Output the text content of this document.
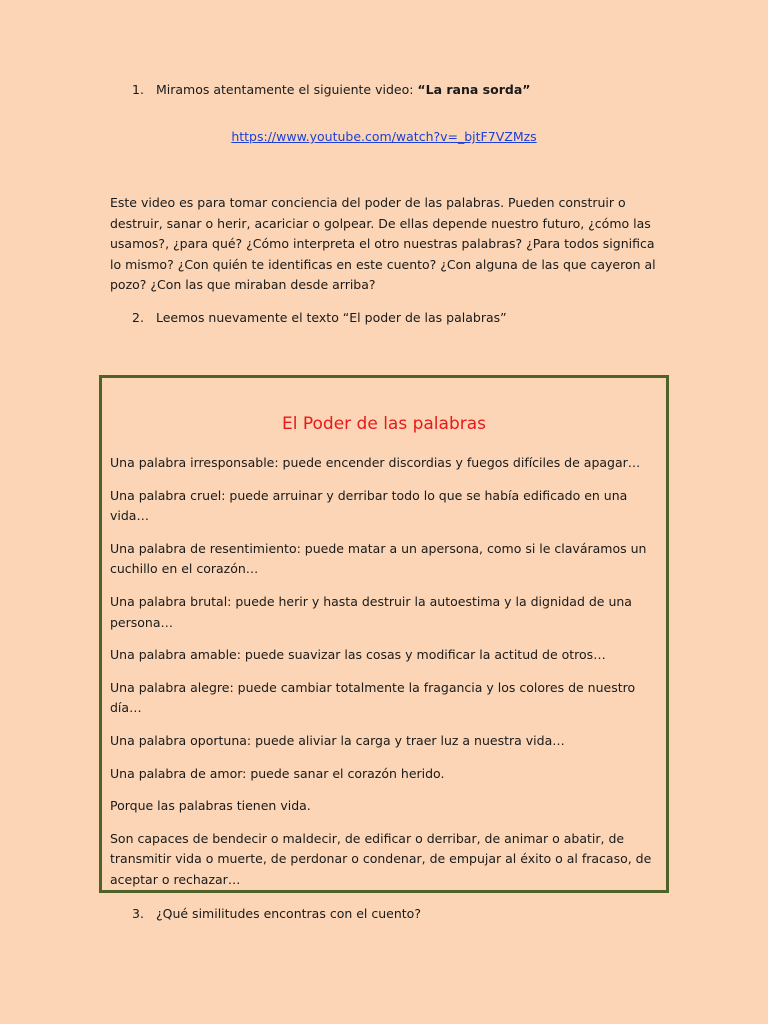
1. Miramos atentamente el siguiente video: “La rana sorda”
https://www.youtube.com/watch?v=_bjtF7VZMzs
Este video es para tomar conciencia del poder de las palabras. Pueden construir o destruir, sanar o herir, acariciar o golpear. De ellas depende nuestro futuro, ¿cómo las usamos?, ¿para qué? ¿Cómo interpreta el otro nuestras palabras? ¿Para todos significa lo mismo? ¿Con quién te identificas en este cuento? ¿Con alguna de las que cayeron al pozo? ¿Con las que miraban desde arriba?
2. Leemos nuevamente el texto “El poder de las palabras”
El Poder de las palabras

Una palabra irresponsable: puede encender discordias y fuegos difíciles de apagar…

Una palabra cruel: puede arruinar y derribar todo lo que se había edificado en una vida…

Una palabra de resentimiento: puede matar a un apersona, como si le claváramos un cuchillo en el corazón…

Una palabra brutal: puede herir y hasta destruir la autoestima y la dignidad de una persona…

Una palabra amable: puede suavizar las cosas y modificar la actitud de otros…

Una palabra alegre: puede cambiar totalmente la fragancia y los colores de nuestro día…

Una palabra oportuna: puede aliviar la carga y traer luz a nuestra vida…

Una palabra de amor: puede sanar el corazón herido.

Porque las palabras tienen vida.

Son capaces de bendecir o maldecir, de edificar o derribar, de animar o abatir, de transmitir vida o muerte, de perdonar o condenar, de empujar al éxito o al fracaso, de aceptar o rechazar…

3. ¿Qué similitudes encontras con el cuento?
